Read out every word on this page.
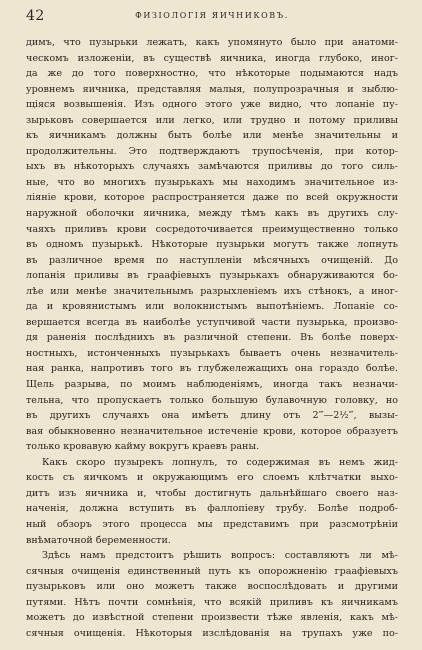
42	ФИЗІОЛОГІЯ ЯИЧНИКОВЪ.
димъ, что пузырьки лежатъ, какъ упомянуто было при анатоми-
ческомъ изложеніи, въ существѣ яичника, иногда глубоко, иног-
да же до того поверхностно, что нѣкоторые подымаются надъ
уровнемъ яичника, представляя малыя, полупрозрачныя и зыблю-
щіяся возвышенія. Изъ одного этого уже видно, что лопаніе пу-
зырьковъ совершается или легко, или трудно и потому приливы
къ яичникамъ должны быть болѣе или менѣе значительны и
продолжительны. Это подтверждаютъ трупосѣченія, при котор-
ыхъ въ нѣкоторыхъ случаяхъ замѣчаются приливы до того силь-
ные, что во многихъ пузырькахъ мы находимъ значительное из-
ліяніе крови, которое распространяется даже по всей окружности
наружной оболочки яичника, между тѣмъ какъ въ другихъ слу-
чаяхъ приливъ крови сосредоточивается преимущественно только
въ одномъ пузырькѣ. Нѣкоторые пузырьки могутъ также лопнуть
въ различное время по наступленіи мѣсячныхъ очищеній. До
лопанія приливы въ граафіевыхъ пузырькахъ обнаруживаются бо-
лѣе или менѣе значительнымъ разрыхленіемъ ихъ стѣнокъ, а иног-
да и кровянистымъ или волокнистымъ выпотѣніемъ. Лопаніе со-
вершается всегда въ наиболѣе уступчивой части пузырька, произво-
дя раненія послѣднихъ въ различной степени. Въ болѣе поверх-
ностныхъ, истонченныхъ пузырькахъ бываетъ очень незначитель-
ная ранка, напротивъ того въ глубжележащихъ она гораздо болѣе.
Щель разрыва, по моимъ наблюденіямъ, иногда такъ незначи-
тельна, что пропускаетъ только большую булавочную головку, но
въ другихъ случаяхъ она имѣетъ длину отъ 2‴—2½‴, вызы-
вая обыкновенно незначительное истеченіе крови, которое образуетъ
только кровавую кайму вокругъ краевъ раны.
Какъ скоро пузырекъ лопнулъ, то содержимая въ немъ жид-
кость съ яичкомъ и окружающимъ его слоемъ клѣтчатки выхо-
дитъ изъ яичника и, чтобы достигнуть дальнѣйшаго своего наз-
наченія, должна вступить въ фаллопіеву трубу. Болѣе подроб-
ный обзоръ этого процесса мы представимъ при разсмотрѣніи
внѣматочной беременности.
Здѣсь намъ предстоитъ рѣшить вопросъ: составляютъ ли мѣ-
сячныя очищенія единственный путь къ опорожненію граафіевыхъ
пузырьковъ или оно можетъ также воспослѣдовать и другими
путями. Нѣтъ почти сомнѣнія, что всякій приливъ къ яичникамъ
можетъ до извѣстной степени произвести тѣже явленія, какъ мѣ-
сячныя очищенія. Нѣкоторыя изслѣдованія на трупахъ уже по-
